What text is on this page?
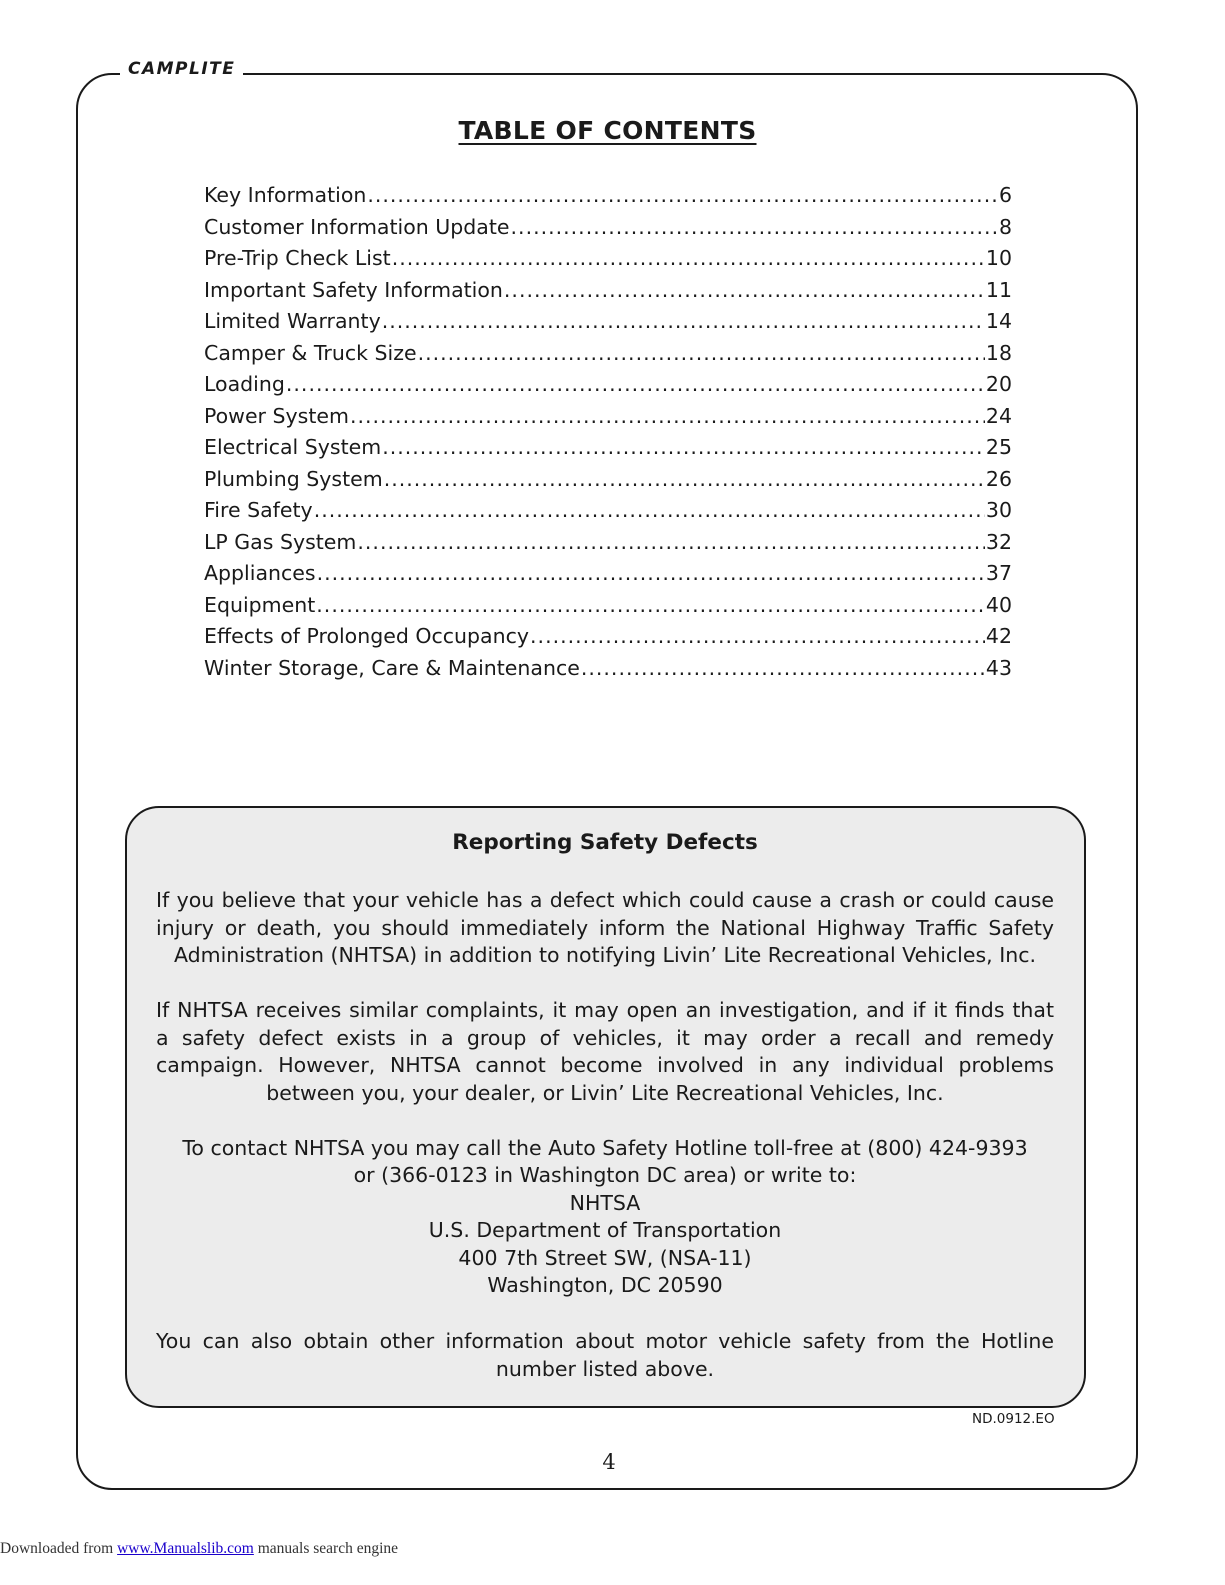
CAMPLITE
TABLE OF CONTENTS
Key Information .....	6
Customer Information Update .....	8
Pre-Trip Check List .....	10
Important Safety Information .....	11
Limited Warranty .....	14
Camper & Truck Size .....	18
Loading .....	20
Power System .....	24
Electrical System .....	25
Plumbing System .....	26
Fire Safety .....	30
LP Gas System .....	32
Appliances .....	37
Equipment .....	40
Effects of Prolonged Occupancy .....	42
Winter Storage, Care & Maintenance .....	43
Reporting Safety Defects

If you believe that your vehicle has a defect which could cause a crash or could cause injury or death, you should immediately inform the National Highway Traffic Safety Administration (NHTSA) in addition to notifying Livin’ Lite Recreational Vehicles, Inc.

If NHTSA receives similar complaints, it may open an investigation, and if it finds that a safety defect exists in a group of vehicles, it may order a recall and remedy campaign. However, NHTSA cannot become involved in any individual problems between you, your dealer, or Livin’ Lite Recreational Vehicles, Inc.

To contact NHTSA you may call the Auto Safety Hotline toll-free at (800) 424-9393
or (366-0123 in Washington DC area) or write to:
NHTSA
U.S. Department of Transportation
400 7th Street SW, (NSA-11)
Washington, DC 20590

You can also obtain other information about motor vehicle safety from the Hotline number listed above.

ND.0912.EO
4
Downloaded from www.Manualslib.com manuals search engine
